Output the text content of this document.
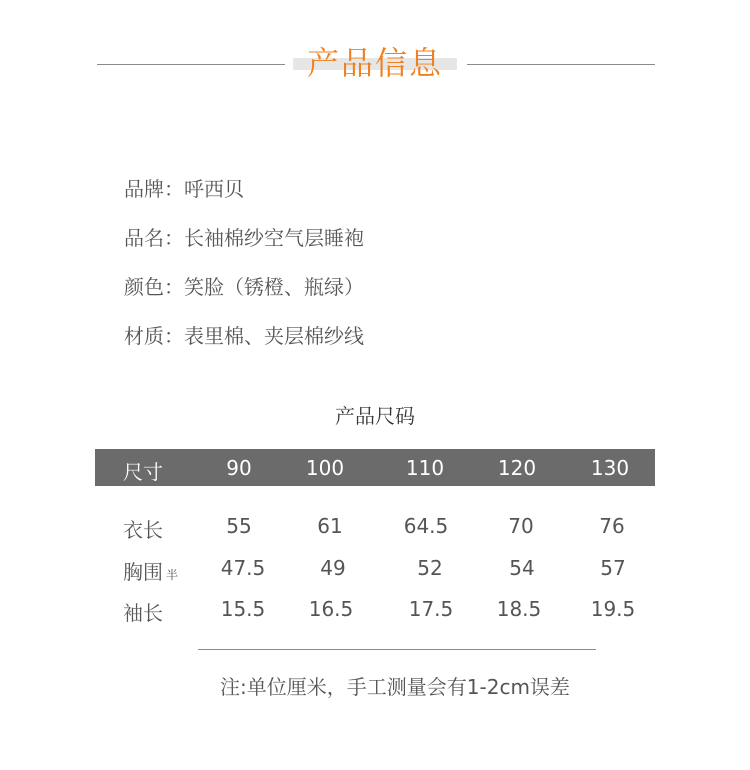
产品信息
品牌：呼西贝
品名：长袖棉纱空气层睡袍
颜色：笑脸（锈橙、瓶绿）
材质：表里棉、夹层棉纱线
产品尺码
尺寸	90	100	110	120	130
衣长	55	61	64.5	70	76
胸围 半	47.5	49	52	54	57
袖长	15.5	16.5	17.5	18.5	19.5
注:单位厘米，手工测量会有1-2cm误差
